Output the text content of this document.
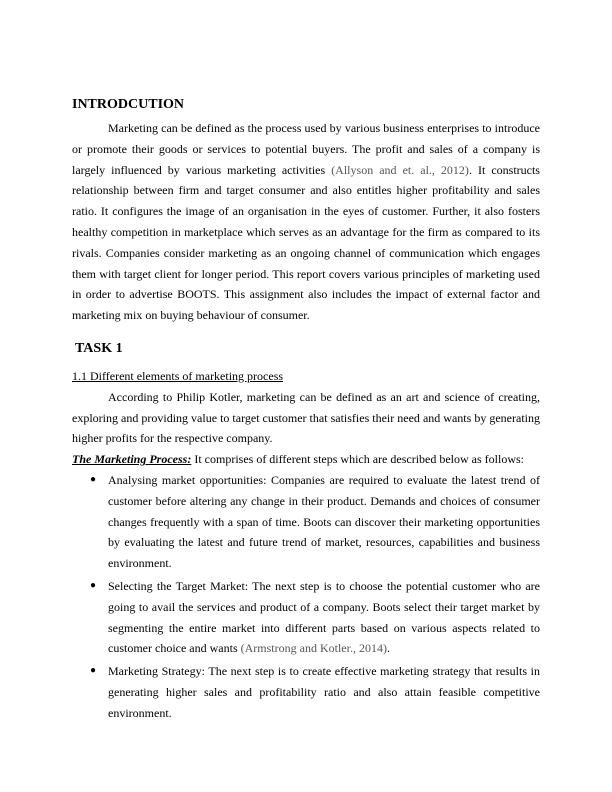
INTRODCUTION

Marketing can be defined as the process used by various business enterprises to introduce or promote their goods or services to potential buyers. The profit and sales of a company is largely influenced by various marketing activities (Allyson and et. al., 2012). It constructs relationship between firm and target consumer and also entitles higher profitability and sales ratio. It configures the image of an organisation in the eyes of customer. Further, it also fosters healthy competition in marketplace which serves as an advantage for the firm as compared to its rivals. Companies consider marketing as an ongoing channel of communication which engages them with target client for longer period. This report covers various principles of marketing used in order to advertise BOOTS. This assignment also includes the impact of external factor and marketing mix on buying behaviour of consumer.

TASK 1
1.1 Different elements of marketing process

According to Philip Kotler, marketing can be defined as an art and science of creating, exploring and providing value to target customer that satisfies their need and wants by generating higher profits for the respective company.

The Marketing Process: It comprises of different steps which are described below as follows:

● Analysing market opportunities: Companies are required to evaluate the latest trend of customer before altering any change in their product. Demands and choices of consumer changes frequently with a span of time. Boots can discover their marketing opportunities by evaluating the latest and future trend of market, resources, capabilities and business environment.
● Selecting the Target Market: The next step is to choose the potential customer who are going to avail the services and product of a company. Boots select their target market by segmenting the entire market into different parts based on various aspects related to customer choice and wants (Armstrong and Kotler., 2014).
● Marketing Strategy: The next step is to create effective marketing strategy that results in generating higher sales and profitability ratio and also attain feasible competitive environment.
